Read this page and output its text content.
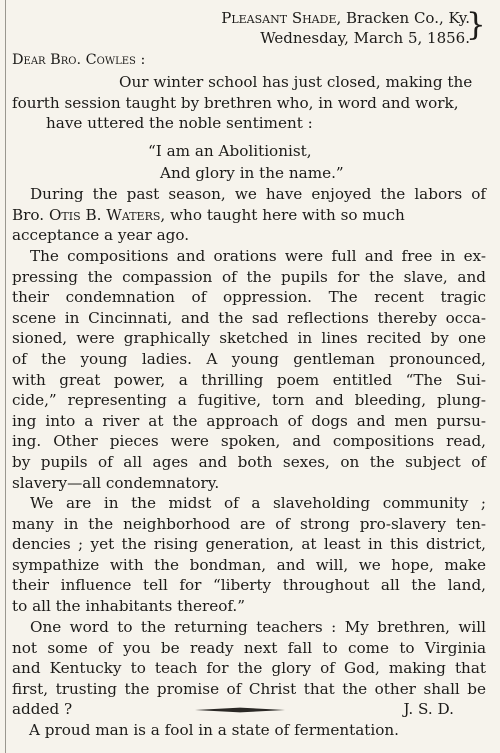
Pleasant Shade, Bracken Co., Ky.
Wednesday, March 5, 1856.
}
Dear Bro. Cowles :
Our winter school has just closed, making the
fourth session taught by brethren who, in word and work,
have uttered the noble sentiment :
“I am an Abolitionist,
And glory in the name.”
During the past season, we have enjoyed the labors of
Bro. Otis B. Waters, who taught here with so much
acceptance a year ago.
The compositions and orations were full and free in ex-
pressing the compassion of the pupils for the slave, and
their condemnation of oppression. The recent tragic
scene in Cincinnati, and the sad reflections thereby occa-
sioned, were graphically sketched in lines recited by one
of the young ladies. A young gentleman pronounced,
with great power, a thrilling poem entitled “The Sui-
cide,” representing a fugitive, torn and bleeding, plung-
ing into a river at the approach of dogs and men pursu-
ing. Other pieces were spoken, and compositions read,
by pupils of all ages and both sexes, on the subject of
slavery—all condemnatory.
We are in the midst of a slaveholding community ;
many in the neighborhood are of strong pro-slavery ten-
dencies ; yet the rising generation, at least in this district,
sympathize with the bondman, and will, we hope, make
their influence tell for “liberty throughout all the land,
to all the inhabitants thereof.”
One word to the returning teachers : My brethren, will
not some of you be ready next fall to come to Virginia
and Kentucky to teach for the glory of God, making that
first, trusting the promise of Christ that the other shall be
added ?	J. S. D.
A proud man is a fool in a state of fermentation.
